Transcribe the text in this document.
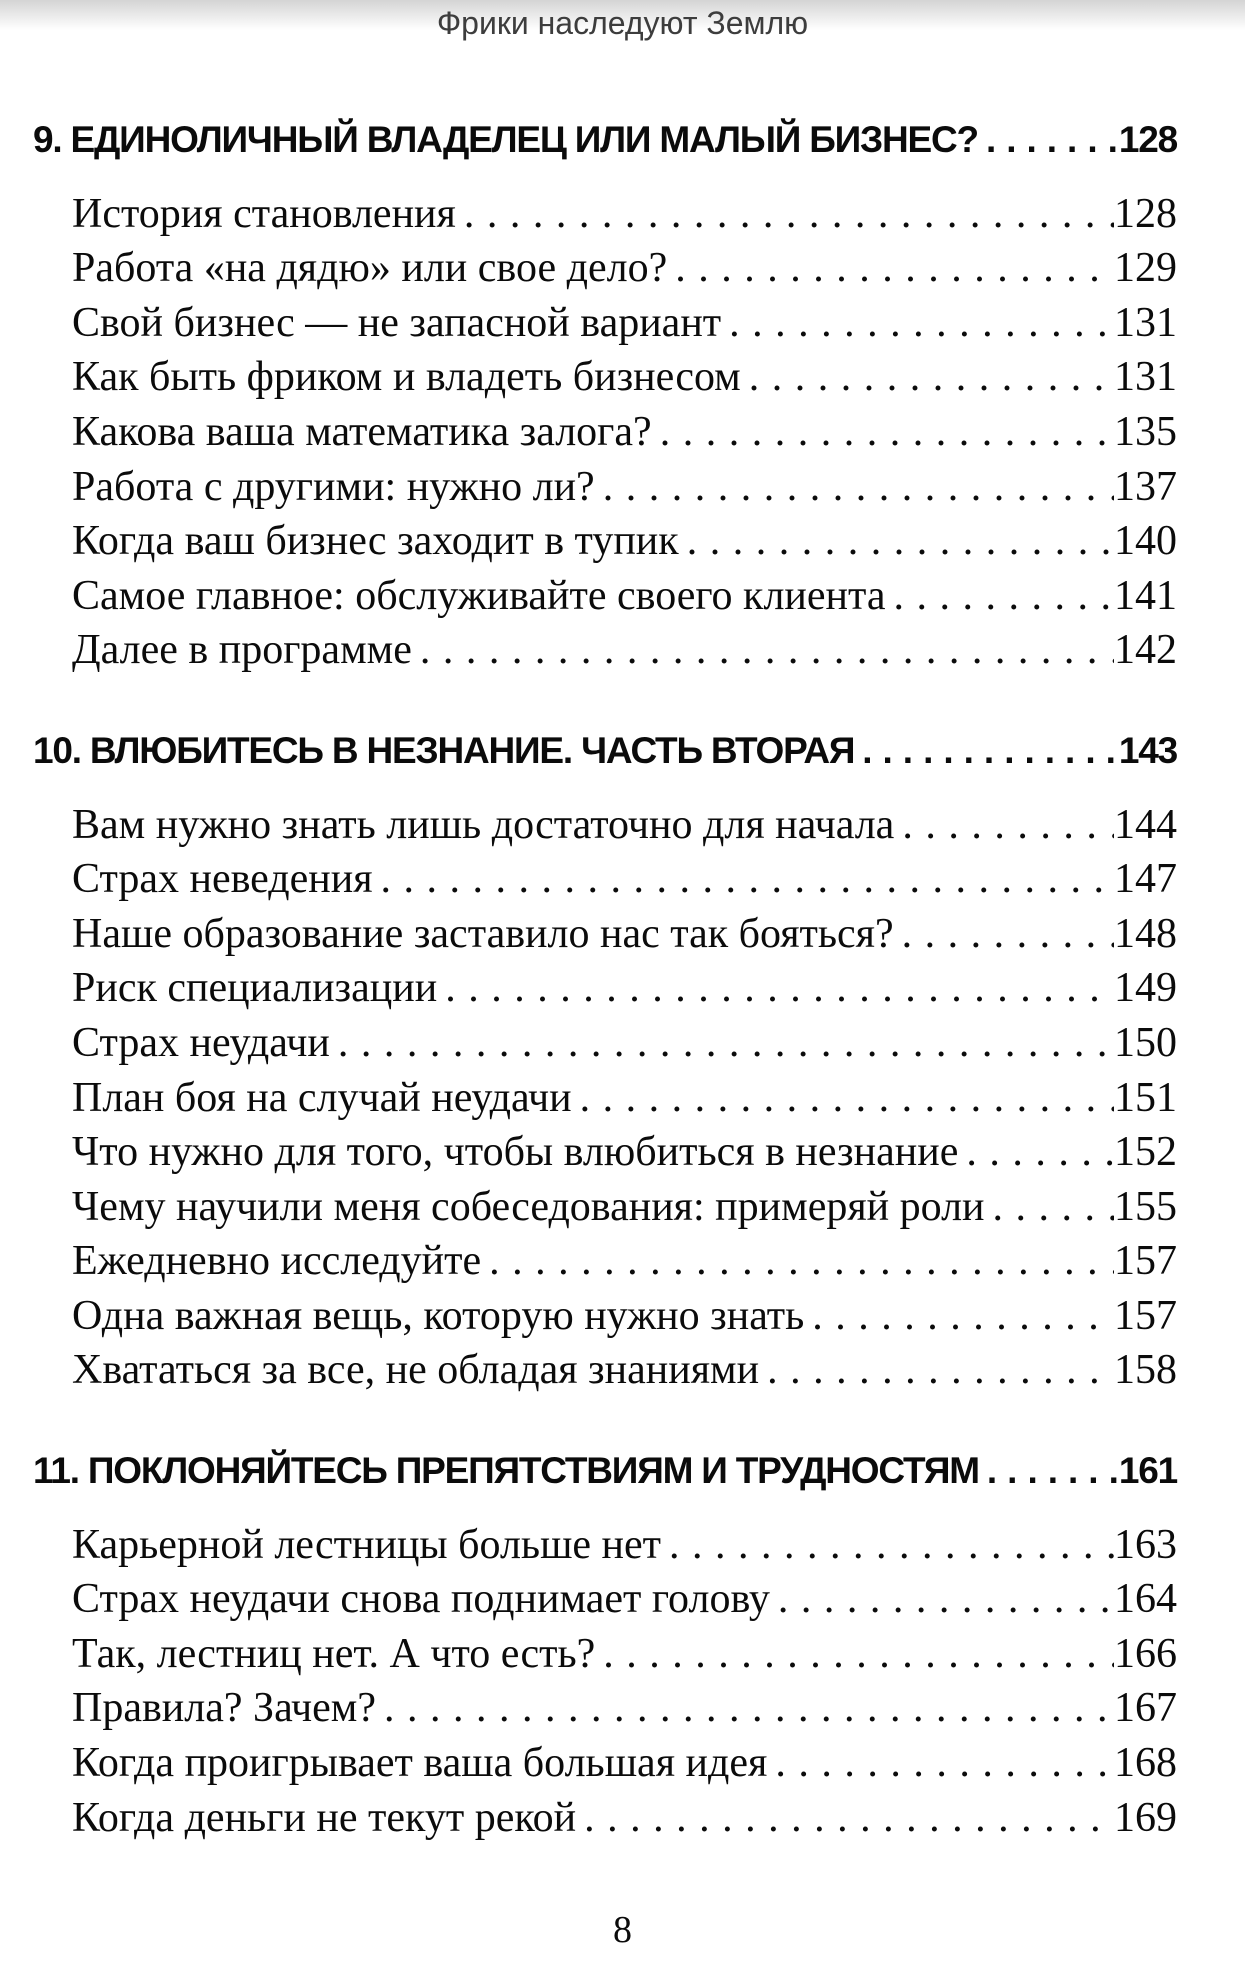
Фрики наследуют Землю
9. ЕДИНОЛИЧНЫЙ ВЛАДЕЛЕЦ ИЛИ МАЛЫЙ БИЗНЕС? .....	128
История становления .....	128
Работа «на дядю» или свое дело? .....	129
Свой бизнес — не запасной вариант .....	131
Как быть фриком и владеть бизнесом .....	131
Какова ваша математика залога? .....	135
Работа с другими: нужно ли? .....	137
Когда ваш бизнес заходит в тупик .....	140
Самое главное: обслуживайте своего клиента .....	141
Далее в программе .....	142
10. ВЛЮБИТЕСЬ В НЕЗНАНИЕ. ЧАСТЬ ВТОРАЯ .....	143
Вам нужно знать лишь достаточно для начала .....	144
Страх неведения .....	147
Наше образование заставило нас так бояться? .....	148
Риск специализации .....	149
Страх неудачи .....	150
План боя на случай неудачи .....	151
Что нужно для того, чтобы влюбиться в незнание .....	152
Чему научили меня собеседования: примеряй роли .....	155
Ежедневно исследуйте .....	157
Одна важная вещь, которую нужно знать .....	157
Хвататься за все, не обладая знаниями .....	158
11. ПОКЛОНЯЙТЕСЬ ПРЕПЯТСТВИЯМ И ТРУДНОСТЯМ .....	161
Карьерной лестницы больше нет .....	163
Страх неудачи снова поднимает голову .....	164
Так, лестниц нет. А что есть? .....	166
Правила? Зачем? .....	167
Когда проигрывает ваша большая идея .....	168
Когда деньги не текут рекой .....	169
8
